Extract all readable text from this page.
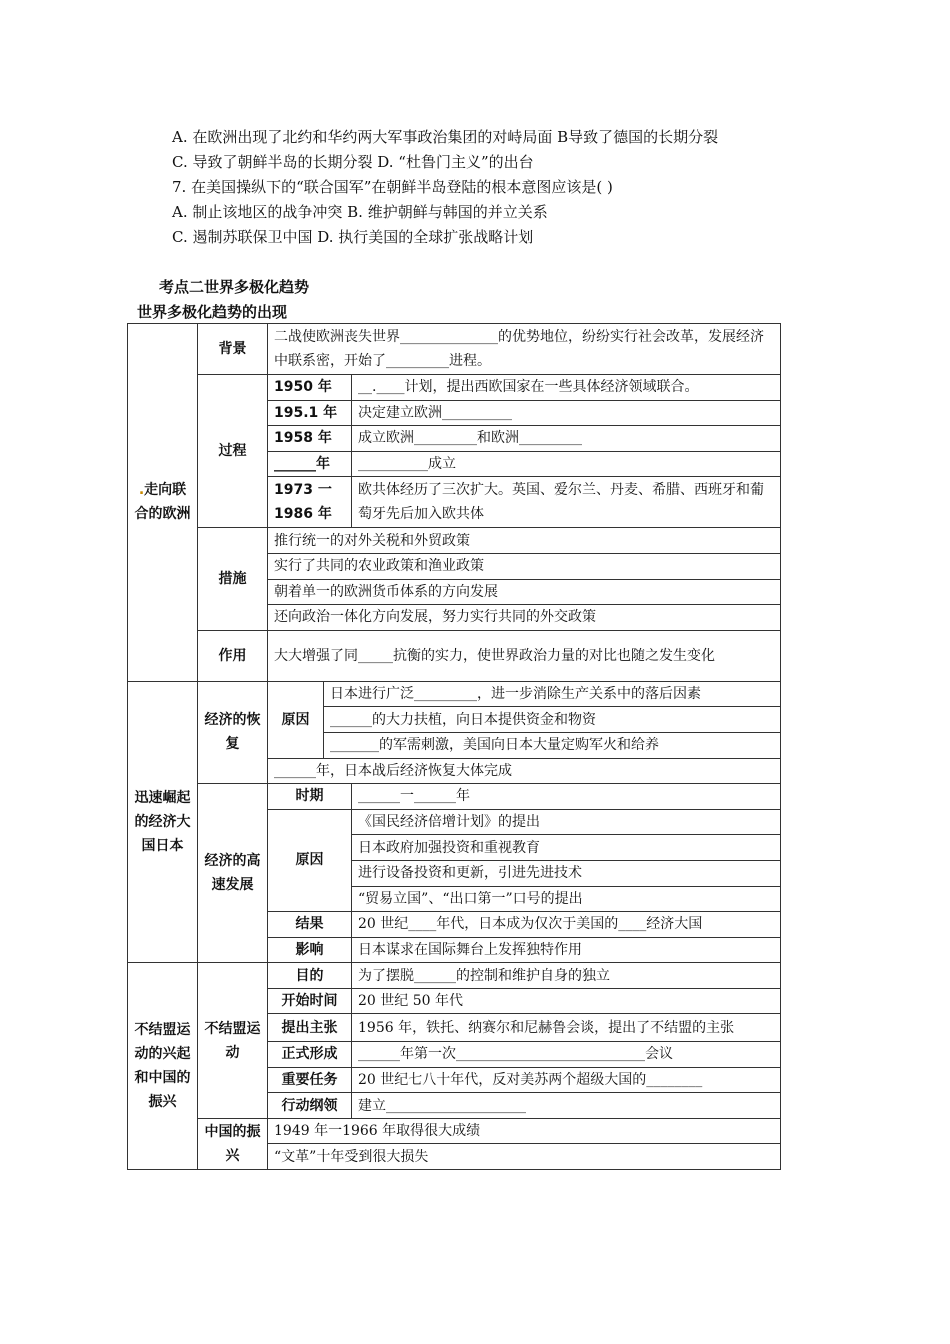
A. 在欧洲出现了北约和华约两大军事政治集团的对峙局面 B导致了德国的长期分裂
C. 导致了朝鲜半岛的长期分裂 D. “杜鲁门主义”的出台
7. 在美国操纵下的“联合国军”在朝鲜半岛登陆的根本意图应该是( )
A. 制止该地区的战争冲突 B. 维护朝鲜与韩国的并立关系
C. 遏制苏联保卫中国 D. 执行美国的全球扩张战略计划
考点二世界多极化趋势
世界多极化趋势的出现
.走向联合的欧洲	背景	二战使欧洲丧失世界______________的优势地位，纷纷实行社会改革，发展经济中联系密，开始了_________进程。		

	过程	1950 年		__.____计划，提出西欧国家在一些具体经济领域联合。
		195.1 年		决定建立欧洲__________
		1958 年		成立欧洲_________和欧洲_________
		______年		__________成立
		1973 一 1986 年		欧共体经历了三次扩大。英国、爱尔兰、丹麦、希腊、西班牙和葡萄牙先后加入欧共体

	措施	推行统一的对外关税和外贸政策		
		实行了共同的农业政策和渔业政策		
		朝着单一的欧洲货币体系的方向发展		
		还向政治一体化方向发展，努力实行共同的外交政策		
	作用	大大增强了同_____抗衡的实力，使世界政治力量的对比也随之发生变化		
迅速崛起的经济大国日本	经济的恢复	原因	日本进行广泛_________，进一步消除生产关系中的落后因素	
			______的大力扶植，向日本提供资金和物资	
			_______的军需刺激，美国向日本大量定购军火和给养	
		______年，日本战后经济恢复大体完成		
	经济的高速发展	时期		______一______年
		原因		《国民经济倍增计划》的提出
				日本政府加强投资和重视教育
				进行设备投资和更新，引进先进技术
				“贸易立国”、“出口第一”口号的提出
		结果		20 世纪____年代，日本成为仅次于美国的____经济大国
		影响		日本谋求在国际舞台上发挥独特作用
不结盟运动的兴起和中国的振兴	不结盟运动	目的		为了摆脱______的控制和维护自身的独立
		开始时间		20 世纪 50 年代
		提出主张		1956 年，铁托、纳赛尔和尼赫鲁会谈，提出了不结盟的主张

		正式形成		______年第一次___________________________会议
		重要任务		20 世纪七八十年代，反对美苏两个超级大国的________
		行动纲领		建立____________________
	中国的振兴	1949 年一1966 年取得很大成绩		
		“文革”十年受到很大损失		
